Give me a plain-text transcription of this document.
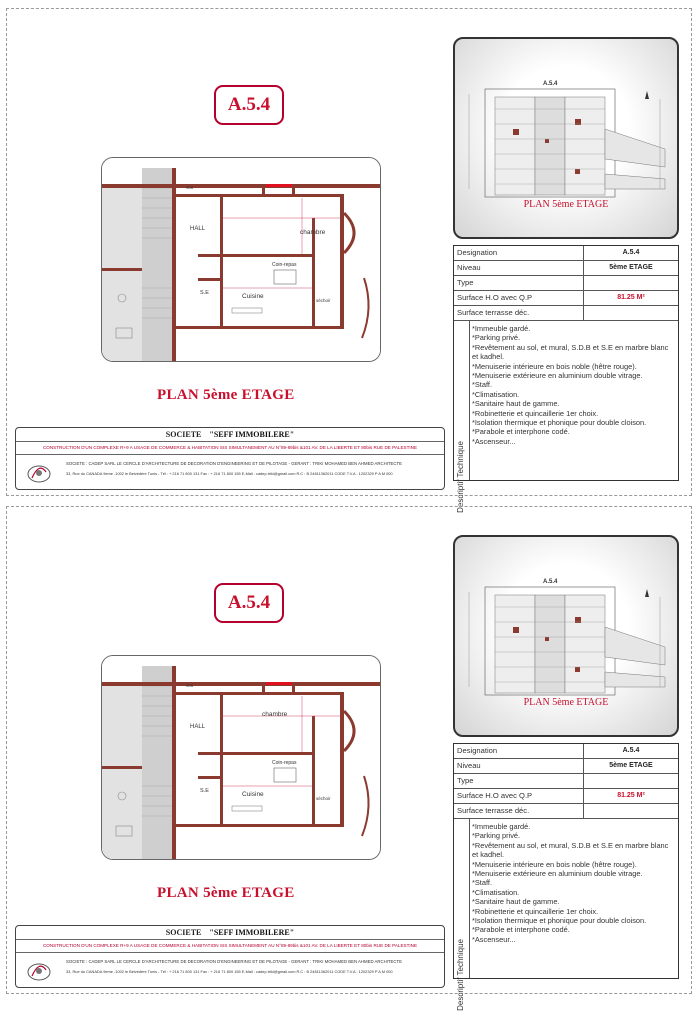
A.5.4
HALL	chambre
Coin-repas
Cuisine
S.E
séchoir
SDB
PLAN 5ème ETAGE
SOCIETE "SEFF IMMOBILERE"
CONSTRUCTION D'UN COMPLEXE R+9 A USAGE DE COMMERCE & HABITATION SIS SIMULTANEMENT AU N°89-89bis &101 AV. DE LA LIBERTE ET 80bis RUE DE PALESTINE
SOCIETE : CADEP SARL LE CERCLE D'ARCHITECTURE DE DECORATION D'ENGINEERING ET DE PILOTAGE - GERANT : TRIKI MOHAMED BEN AHMED ARCHITECTE
33, Rue du CANADA 9eme -1002 le Belvédère Tunis - Tél : + 216 71 800 131 Fax : + 216 71 800 155 E-Mail : cadep.triki@gmail.com R.C : B 24811362011 CODE T.V.A : 1202329 P A M 000
A.5.4
PLAN 5ème ETAGE
Designation	A.5.4
Niveau	5ème ETAGE
Type
Surface H.O avec Q.P	81.25 M²
Surface terrasse déc.
Descriptif Technique
*Immeuble gardé.
*Parking privé.
*Revêtement au sol, et mural, S.D.B et S.E en marbre blanc et kadhel.
*Menuiserie intérieure en bois noble (hêtre rouge).
*Menuiserie extérieure en aluminium double vitrage.
*Staff.
*Climatisation.
*Sanitaire haut de gamme.
*Robinetterie et quincaillerie 1er choix.
*Isolation thermique et phonique pour double cloison.
*Parabole et interphone codé.
*Ascenseur...
A.5.4
HALL
chambre
Coin-repas
Cuisine
S.E
séchoir
SDB
PLAN 5ème ETAGE
SOCIETE "SEFF IMMOBILERE"
CONSTRUCTION D'UN COMPLEXE R+9 A USAGE DE COMMERCE & HABITATION SIS SIMULTANEMENT AU N°89-89bis &101 AV. DE LA LIBERTE ET 80bis RUE DE PALESTINE
SOCIETE : CADEP SARL LE CERCLE D'ARCHITECTURE DE DECORATION D'ENGINEERING ET DE PILOTAGE - GERANT : TRIKI MOHAMED BEN AHMED ARCHITECTE
33, Rue du CANADA 9eme -1002 le Belvédère Tunis - Tél : + 216 71 800 131 Fax : + 216 71 800 155 E-Mail : cadep.triki@gmail.com R.C : B 24811362011 CODE T.V.A : 1202329 P A M 000
A.5.4
PLAN 5ème ETAGE
Designation	A.5.4
Niveau	5ème ETAGE
Type
Surface H.O avec Q.P	81.25 M²
Surface terrasse déc.
Descriptif Technique
*Immeuble gardé.
*Parking privé.
*Revêtement au sol, et mural, S.D.B et S.E en marbre blanc et kadhel.
*Menuiserie intérieure en bois noble (hêtre rouge).
*Menuiserie extérieure en aluminium double vitrage.
*Staff.
*Climatisation.
*Sanitaire haut de gamme.
*Robinetterie et quincaillerie 1er choix.
*Isolation thermique et phonique pour double cloison.
*Parabole et interphone codé.
*Ascenseur...
